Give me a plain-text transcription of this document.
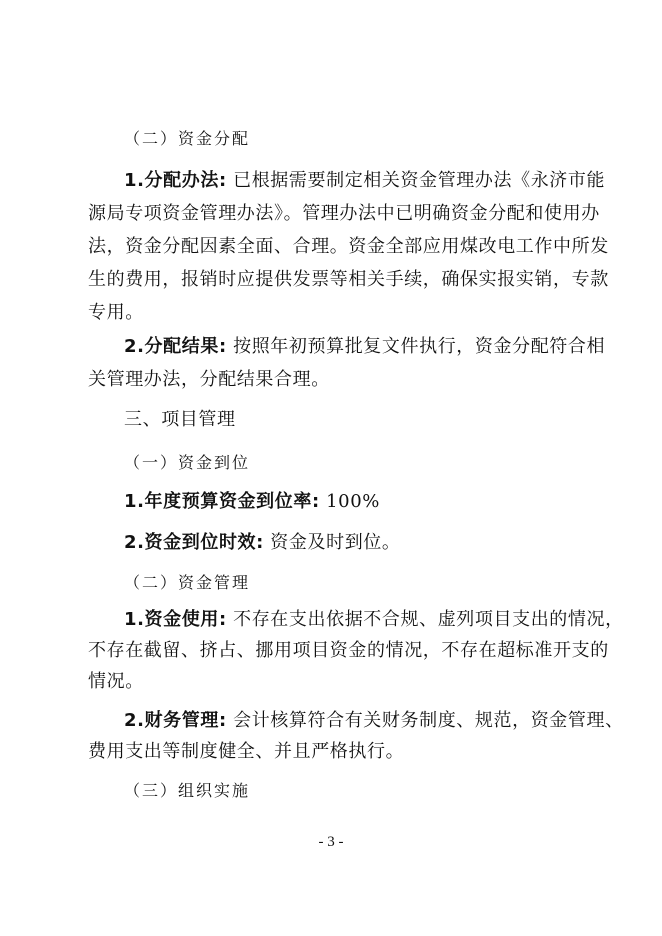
（二）资金分配
1.分配办法: 已根据需要制定相关资金管理办法《永济市能
源局专项资金管理办法》。管理办法中已明确资金分配和使用办
法，资金分配因素全面、合理。资金全部应用煤改电工作中所发
生的费用，报销时应提供发票等相关手续，确保实报实销，专款
专用。
2.分配结果: 按照年初预算批复文件执行，资金分配符合相
关管理办法，分配结果合理。
三、项目管理
（一）资金到位
1.年度预算资金到位率: 100%
2.资金到位时效: 资金及时到位。
（二）资金管理
1.资金使用: 不存在支出依据不合规、虚列项目支出的情况，
不存在截留、挤占、挪用项目资金的情况，不存在超标准开支的
情况。
2.财务管理: 会计核算符合有关财务制度、规范，资金管理、
费用支出等制度健全、并且严格执行。
（三）组织实施
- 3 -
